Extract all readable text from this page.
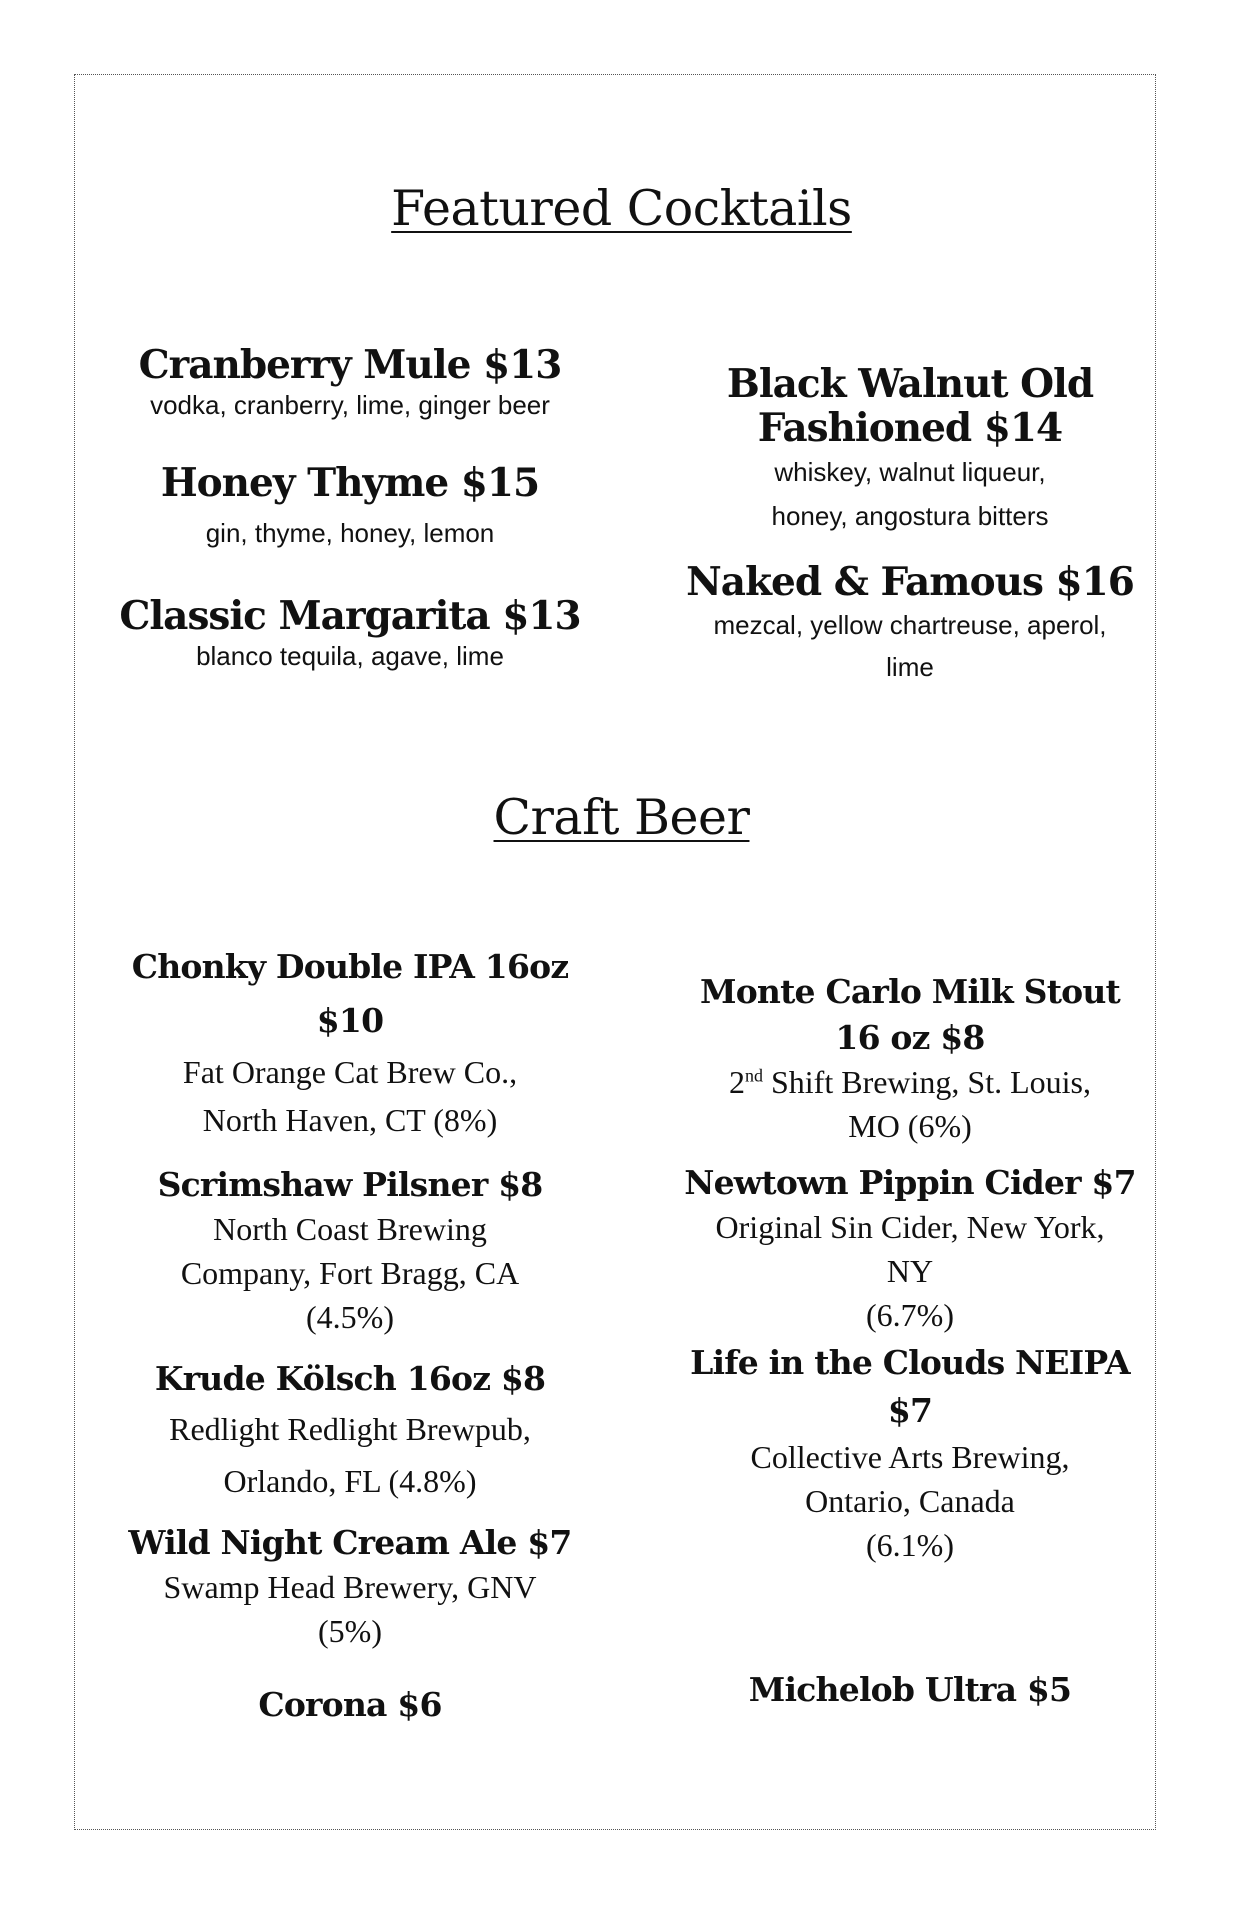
Featured Cocktails
Cranberry Mule $13
vodka, cranberry, lime, ginger beer
Honey Thyme $15
gin, thyme, honey, lemon
Classic Margarita $13
blanco tequila, agave, lime
Black Walnut Old
Fashioned $14
whiskey, walnut liqueur,
honey, angostura bitters
Naked & Famous $16
mezcal, yellow chartreuse, aperol,
lime
Craft Beer
Chonky Double IPA 16oz
$10
Fat Orange Cat Brew Co.,
North Haven, CT (8%)
Scrimshaw Pilsner $8
North Coast Brewing
Company, Fort Bragg, CA
(4.5%)
Krude Kölsch 16oz $8
Redlight Redlight Brewpub,
Orlando, FL (4.8%)
Wild Night Cream Ale $7
Swamp Head Brewery, GNV
(5%)
Corona $6
Monte Carlo Milk Stout
16 oz $8
2nd Shift Brewing, St. Louis,
MO (6%)
Newtown Pippin Cider $7
Original Sin Cider, New York,
NY
(6.7%)
Life in the Clouds NEIPA
$7
Collective Arts Brewing,
Ontario, Canada
(6.1%)
Michelob Ultra $5
